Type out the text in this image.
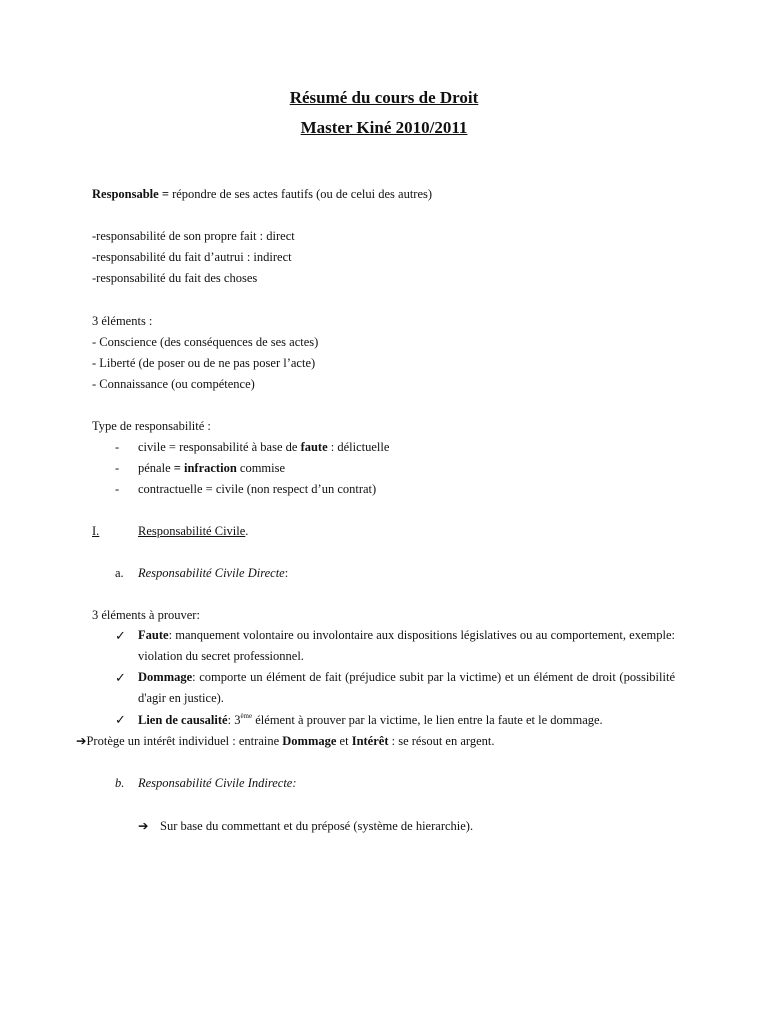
Résumé du cours de Droit
Master Kiné 2010/2011
Responsable = répondre de ses actes fautifs (ou de celui des autres)
-responsabilité de son propre fait : direct
-responsabilité du fait d’autrui : indirect
-responsabilité du fait des choses
3 éléments :
- Conscience (des conséquences de ses actes)
- Liberté (de poser ou de ne pas poser l’acte)
- Connaissance (ou compétence)
Type de responsabilité :
- civile = responsabilité à base de faute : délictuelle
- pénale = infraction commise
- contractuelle = civile (non respect d’un contrat)
I.	Responsabilité Civile.
a. Responsabilité Civile Directe:
3 éléments à prouver:
✓ Faute: manquement volontaire ou involontaire aux dispositions législatives ou au comportement, exemple: violation du secret professionnel.
✓ Dommage: comporte un élément de fait (préjudice subit par la victime) et un élément de droit (possibilité d'agir en justice).
✓ Lien de causalité: 3ème élément à prouver par la victime, le lien entre la faute et le dommage.
➔Protège un intérêt individuel : entraine Dommage et Intérêt : se résout en argent.
b. Responsabilité Civile Indirecte:
➔ Sur base du commettant et du préposé (système de hierarchie).
